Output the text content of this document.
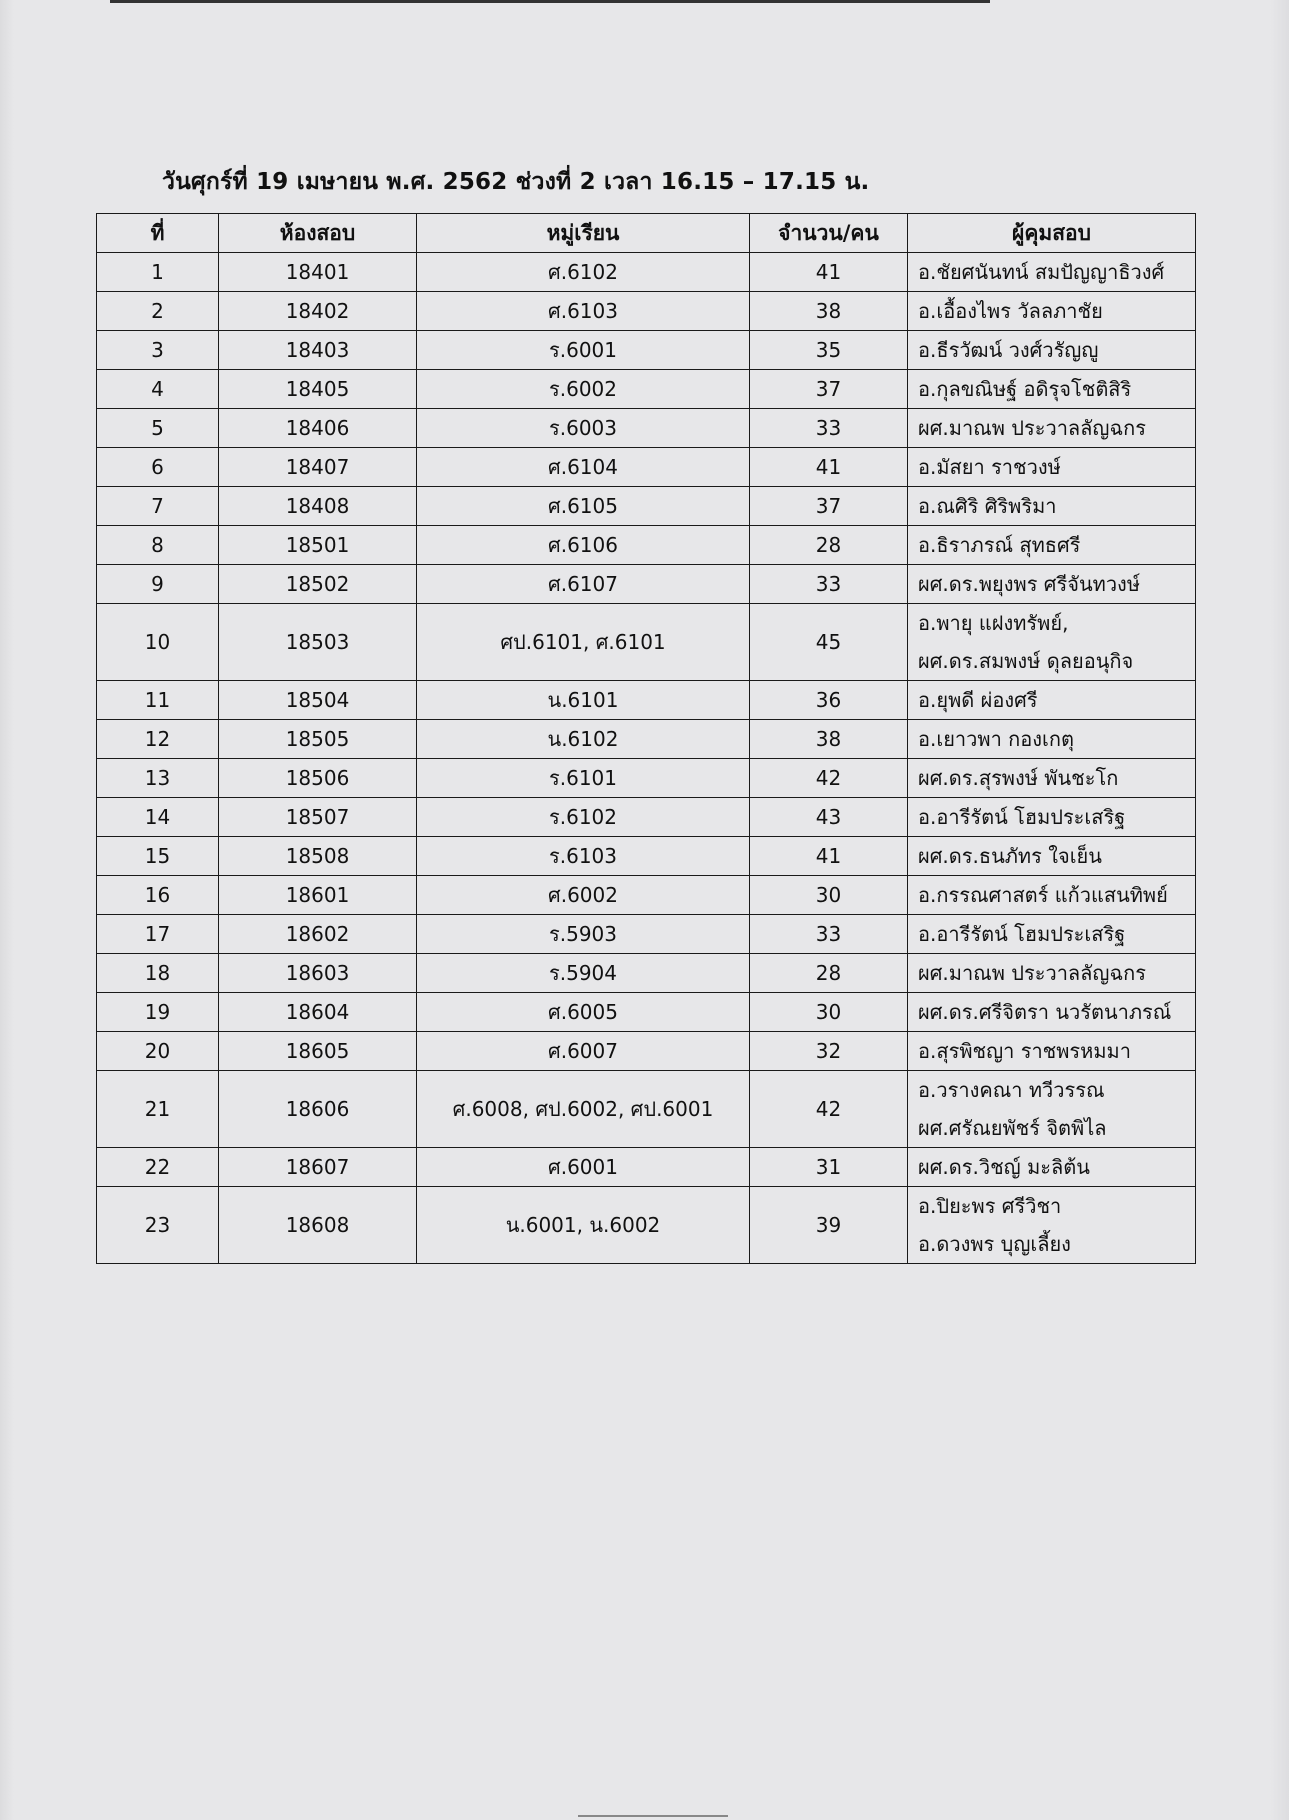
วันศุกร์ที่ 19 เมษายน พ.ศ. 2562 ช่วงที่ 2 เวลา 16.15 – 17.15 น.
ที่	ห้องสอบ	หมู่เรียน	จำนวน/คน	ผู้คุมสอบ
1	18401	ศ.6102	41	อ.ชัยศนันทน์ สมปัญญาธิวงศ์

2	18402	ศ.6103	38	อ.เอื้องไพร วัลลภาชัย

3	18403	ร.6001	35	อ.ธีรวัฒน์ วงศ์วรัญญู

4	18405	ร.6002	37	อ.กุลขณิษฐ์ อดิรุจโชติสิริ

5	18406	ร.6003	33	ผศ.มาณพ ประวาลลัญฉกร

6	18407	ศ.6104	41	อ.มัสยา ราชวงษ์

7	18408	ศ.6105	37	อ.ณศิริ ศิริพริมา

8	18501	ศ.6106	28	อ.ธิราภรณ์ สุทธศรี

9	18502	ศ.6107	33	ผศ.ดร.พยุงพร ศรีจันทวงษ์

10	18503	ศป.6101, ศ.6101	45	อ.พายุ แฝงทรัพย์,
ผศ.ดร.สมพงษ์ ดุลยอนุกิจ

11	18504	น.6101	36	อ.ยุพดี ผ่องศรี

12	18505	น.6102	38	อ.เยาวพา กองเกตุ

13	18506	ร.6101	42	ผศ.ดร.สุรพงษ์ พันชะโก

14	18507	ร.6102	43	อ.อารีรัตน์ โฮมประเสริฐ

15	18508	ร.6103	41	ผศ.ดร.ธนภัทร ใจเย็น

16	18601	ศ.6002	30	อ.กรรณศาสตร์ แก้วแสนทิพย์

17	18602	ร.5903	33	อ.อารีรัตน์ โฮมประเสริฐ

18	18603	ร.5904	28	ผศ.มาณพ ประวาลลัญฉกร

19	18604	ศ.6005	30	ผศ.ดร.ศรีจิตรา นวรัตนาภรณ์

20	18605	ศ.6007	32	อ.สุรพิชญา ราชพรหมมา

21	18606	ศ.6008, ศป.6002, ศป.6001	42	อ.วรางคณา ทวีวรรณ
ผศ.ศรัณยพัชร์ จิตพิไล

22	18607	ศ.6001	31	ผศ.ดร.วิชญ์ มะลิต้น

23	18608	น.6001, น.6002	39	อ.ปิยะพร ศรีวิชา
อ.ดวงพร บุญเลี้ยง
